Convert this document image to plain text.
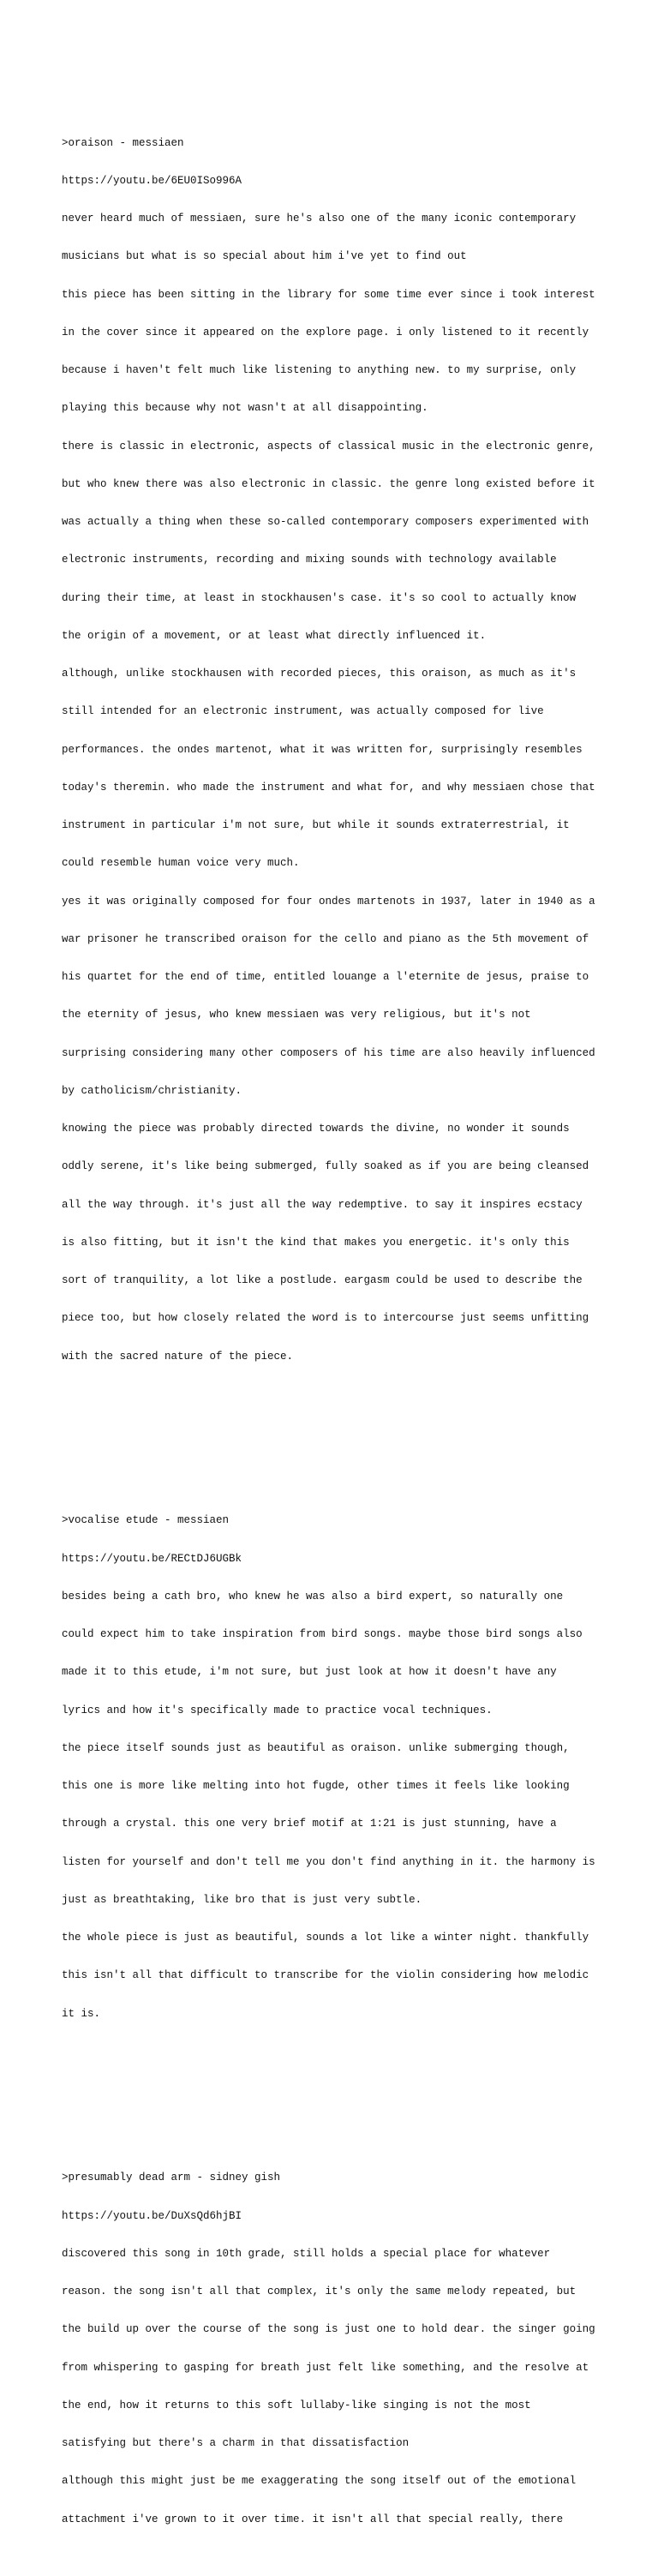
>oraison - messiaen

https://youtu.be/6EU0ISo996A

never heard much of messiaen, sure he's also one of the many iconic contemporary

musicians but what is so special about him i've yet to find out

this piece has been sitting in the library for some time ever since i took interest

in the cover since it appeared on the explore page. i only listened to it recently

because i haven't felt much like listening to anything new. to my surprise, only

playing this because why not wasn't at all disappointing.

there is classic in electronic, aspects of classical music in the electronic genre,

but who knew there was also electronic in classic. the genre long existed before it

was actually a thing when these so-called contemporary composers experimented with

electronic instruments, recording and mixing sounds with technology available

during their time, at least in stockhausen's case. it's so cool to actually know

the origin of a movement, or at least what directly influenced it.

although, unlike stockhausen with recorded pieces, this oraison, as much as it's

still intended for an electronic instrument, was actually composed for live

performances. the ondes martenot, what it was written for, surprisingly resembles

today's theremin. who made the instrument and what for, and why messiaen chose that

instrument in particular i'm not sure, but while it sounds extraterrestrial, it

could resemble human voice very much.

yes it was originally composed for four ondes martenots in 1937, later in 1940 as a

war prisoner he transcribed oraison for the cello and piano as the 5th movement of

his quartet for the end of time, entitled louange a l'eternite de jesus, praise to

the eternity of jesus, who knew messiaen was very religious, but it's not

surprising considering many other composers of his time are also heavily influenced

by catholicism/christianity.

knowing the piece was probably directed towards the divine, no wonder it sounds

oddly serene, it's like being submerged, fully soaked as if you are being cleansed

all the way through. it's just all the way redemptive. to say it inspires ecstacy

is also fitting, but it isn't the kind that makes you energetic. it's only this

sort of tranquility, a lot like a postlude. eargasm could be used to describe the

piece too, but how closely related the word is to intercourse just seems unfitting

with the sacred nature of the piece.

>vocalise etude - messiaen

https://youtu.be/RECtDJ6UGBk

besides being a cath bro, who knew he was also a bird expert, so naturally one

could expect him to take inspiration from bird songs. maybe those bird songs also

made it to this etude, i'm not sure, but just look at how it doesn't have any

lyrics and how it's specifically made to practice vocal techniques.

the piece itself sounds just as beautiful as oraison. unlike submerging though,

this one is more like melting into hot fugde, other times it feels like looking

through a crystal. this one very brief motif at 1:21 is just stunning, have a

listen for yourself and don't tell me you don't find anything in it. the harmony is

just as breathtaking, like bro that is just very subtle.

the whole piece is just as beautiful, sounds a lot like a winter night. thankfully

this isn't all that difficult to transcribe for the violin considering how melodic

it is.

>presumably dead arm - sidney gish

https://youtu.be/DuXsQd6hjBI

discovered this song in 10th grade, still holds a special place for whatever

reason. the song isn't all that complex, it's only the same melody repeated, but

the build up over the course of the song is just one to hold dear. the singer going

from whispering to gasping for breath just felt like something, and the resolve at

the end, how it returns to this soft lullaby-like singing is not the most

satisfying but there's a charm in that dissatisfaction

although this might just be me exaggerating the song itself out of the emotional

attachment i've grown to it over time. it isn't all that special really, there
